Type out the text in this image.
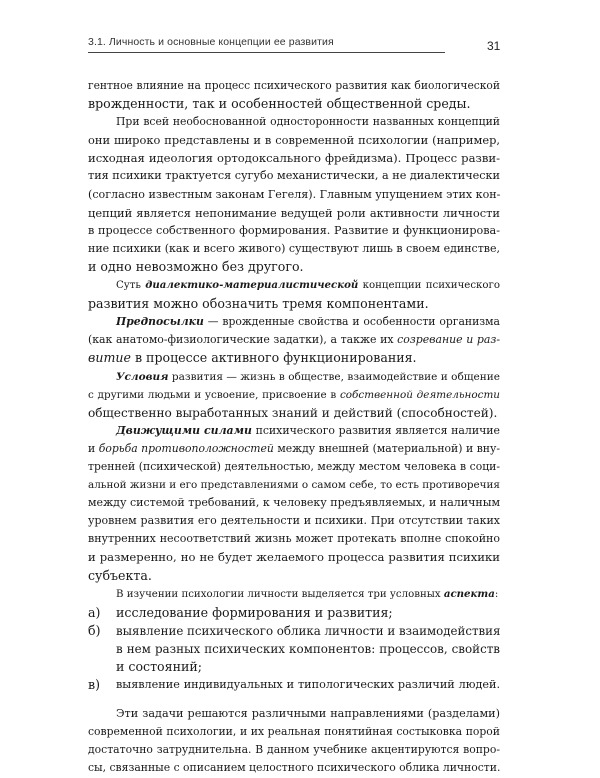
3.1. Личность и основные концепции ее развития	31

гентное влияние на процесс психического развития как биологической
врожденности, так и особенностей общественной среды.

При всей необоснованной односторонности названных концепций
они широко представлены и в современной психологии (например,
исходная идеология ортодоксального фрейдизма). Процесс разви-
тия психики трактуется сугубо механистически, а не диалектически
(согласно известным законам Гегеля). Главным упущением этих кон-
цепций является непонимание ведущей роли активности личности
в процессе собственного формирования. Развитие и функционирова-
ние психики (как и всего живого) существуют лишь в своем единстве,
и одно невозможно без другого.

Суть диалектико-материалистической концепции психического
развития можно обозначить тремя компонентами.

Предпосылки — врожденные свойства и особенности организма
(как анатомо-физиологические задатки), а также их созревание и раз-
витие в процессе активного функционирования.

Условия развития — жизнь в обществе, взаимодействие и общение
с другими людьми и усвоение, присвоение в собственной деятельности
общественно выработанных знаний и действий (способностей).

Движущими силами психического развития является наличие
и борьба противоположностей между внешней (материальной) и вну-
тренней (психической) деятельностью, между местом человека в соци-
альной жизни и его представлениями о самом себе, то есть противоречия
между системой требований, к человеку предъявляемых, и наличным
уровнем развития его деятельности и психики. При отсутствии таких
внутренних несоответствий жизнь может протекать вполне спокойно
и размеренно, но не будет желаемого процесса развития психики
субъекта.

В изучении психологии личности выделяется три условных аспекта:

а) исследование формирования и развития;
б) выявление психического облика личности и взаимодействия
в нем разных психических компонентов: процессов, свойств
и состояний;
в) выявление индивидуальных и типологических различий людей.

Эти задачи решаются различными направлениями (разделами)
современной психологии, и их реальная понятийная состыковка порой
достаточно затруднительна. В данном учебнике акцентируются вопро-
сы, связанные с описанием целостного психического облика личности.
